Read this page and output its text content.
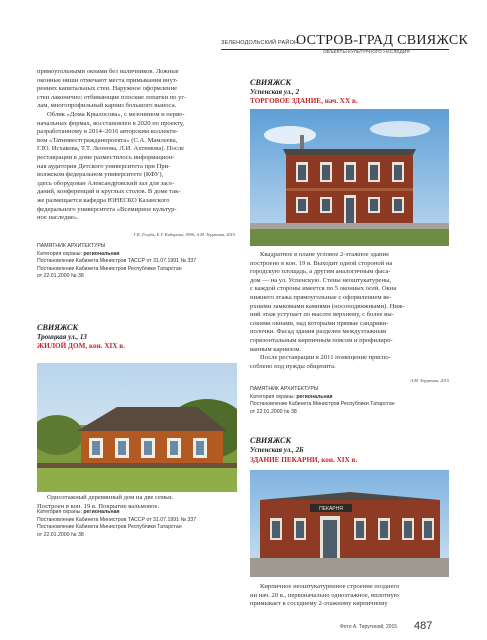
ЗЕЛЕНОДОЛЬСКИЙ РАЙОН
ОСТРОВ-ГРАД СВИЯЖСК
ОБЪЕКТЫ КУЛЬТУРНОГО НАСЛЕДИЯ

прямоугольными окнами без наличников. Ложные

оконные ниши отмечают места примыкания внут-

ренних капитальных стен. Наружное оформление

стен лаконично: отбивающие плоские лопатки по уг-

лам, многопрофильный карниз большого выноса.

Облик «Дома Крылосова», с мезонином и перво-

начальных формах, восстановлен в 2020 по проекту,

разработанному в 2014–2016 авторским коллекти-

вом «Татинвестгражданпроекта» (С.А. Мамлеева,

Г.Ю. Исхакова, Т.Т. Леонова, Л.И. Ахтимова). После

реставрации в доме разместилось информацион-

ная аудитория Детского университета при При-

волжском федеральном университете (КФУ),

здесь оборудован Александровский зал для засе-

даний, конференций и круглых столов. В доме так-

же размещается кафедра ЮНЕСКО Казанского

федерального университета «Всемирное культур-

ное наследие».

Г.К. Голубь, Е.Г. Кабирова, 1996; А.М. Терутина, 2015
ПАМЯТНИК АРХИТЕКТУРЫ
Категория охраны: региональная
Постановление Кабинета Министров ТАССР от 31.07.1991 № 337
Постановление Кабинета Министров Республики Татарстан
от 22.01.2000 № 38
СВИЯЖСК
Троицкая ул., 13
ЖИЛОЙ ДОМ, кон. XIX в.

Одноэтажный деревянный дом на две семьи.

Построен в кон. 19 в. Покрытие вальмовое.

Категория охраны: региональная
Постановление Кабинета Министров ТАССР от 31.07.1991 № 337
Постановление Кабинета Министров Республики Татарстан
от 22.01.2000 № 38
СВИЯЖСК
Успенская ул., 2
ТОРГОВОЕ ЗДАНИЕ, нач. ХХ в.

Квадратное в плане угловое 2-этажное здание

построено в кон. 19 в. Выходит одной стороной на

городскую площадь, а другим аналогичным фаса-

дом — на ул. Успенскую. Стены неоштукатурены,

с каждой стороны имеется по 5 оконных осей. Окна

нижнего этажа прямоугольные с оформлением ве-

рхними замковыми камнями (носоподвижными). Ниж-

ний этаж уступает по высоте верхнему, с более вы-

сокими окнами, над которыми прямые сандрики-

полочки. Фасад здания разделен междуэтажным

горизонтальным кирпичным поясом и профилиро-

ванным карнизом.

После реставрации в 2011 помещение приспо-

соблено под нужды общепита.

А.М. Терутина, 2015
ПАМЯТНИК АРХИТЕКТУРЫ
Категория охраны: региональная
Постановление Кабинета Министров Республики Татарстан
от 22.01.2000 № 38
СВИЯЖСК
Успенская ул., 2Б
ЗДАНИЕ ПЕКАРНИ, кон. XIX в.
ПЕКАРНЯ

Кирпичное неоштукатуренное строение позднего

ни нач. 20 в., первоначально одноэтажное, вплотную

примыкает к соседнему 2-этажному кирпичному

Фото А. Терутиной, 2015 487
